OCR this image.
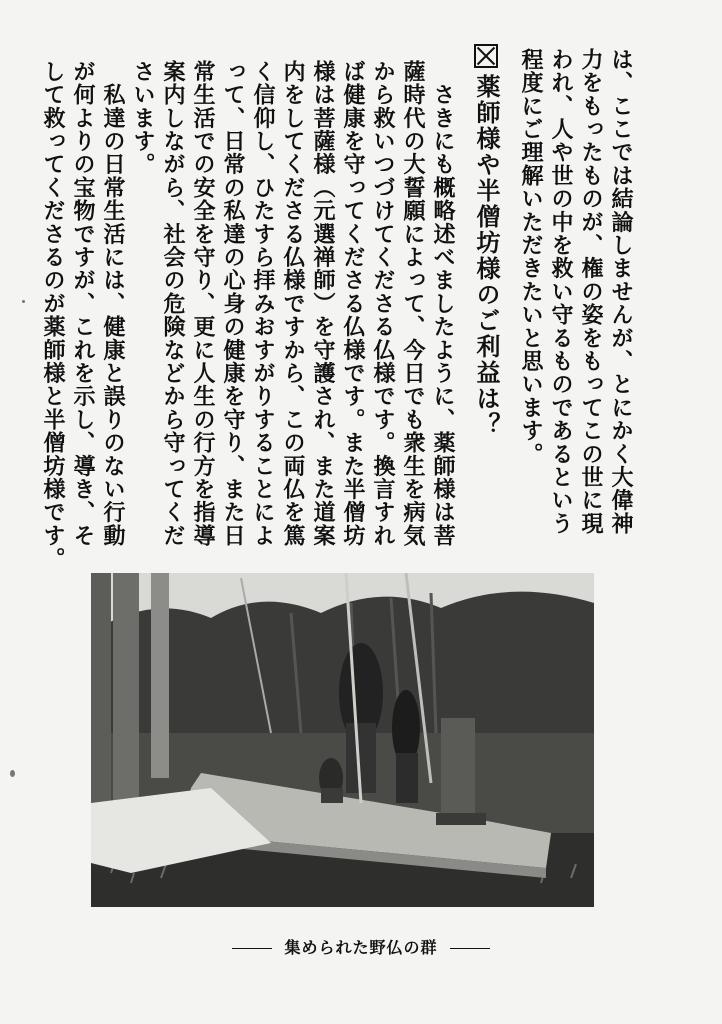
は、ここでは結論しませんが、とにかく大偉神
力をもったものが、権の姿をもってこの世に現
われ、人や世の中を救い守るものであるという
程度にご理解いただきたいと思います。
薬師様や半僧坊様のご利益は？
　さきにも概略述べましたように、薬師様は菩
薩時代の大誓願によって、今日でも衆生を病気
から救いつづけてくださる仏様です。換言すれ
ば健康を守ってくださる仏様です。また半僧坊
様は菩薩様（元選禅師）を守護され、また道案
内をしてくださる仏様ですから、この両仏を篤
く信仰し、ひたすら拝みおすがりすることによ
って、日常の私達の心身の健康を守り、また日
常生活での安全を守り、更に人生の行方を指導
案内しながら、社会の危険などから守ってくだ
さいます。
　私達の日常生活には、健康と誤りのない行動
が何よりの宝物ですが、これを示し、導き、そ
して救ってくださるのが薬師様と半僧坊様です。
集められた野仏の群
